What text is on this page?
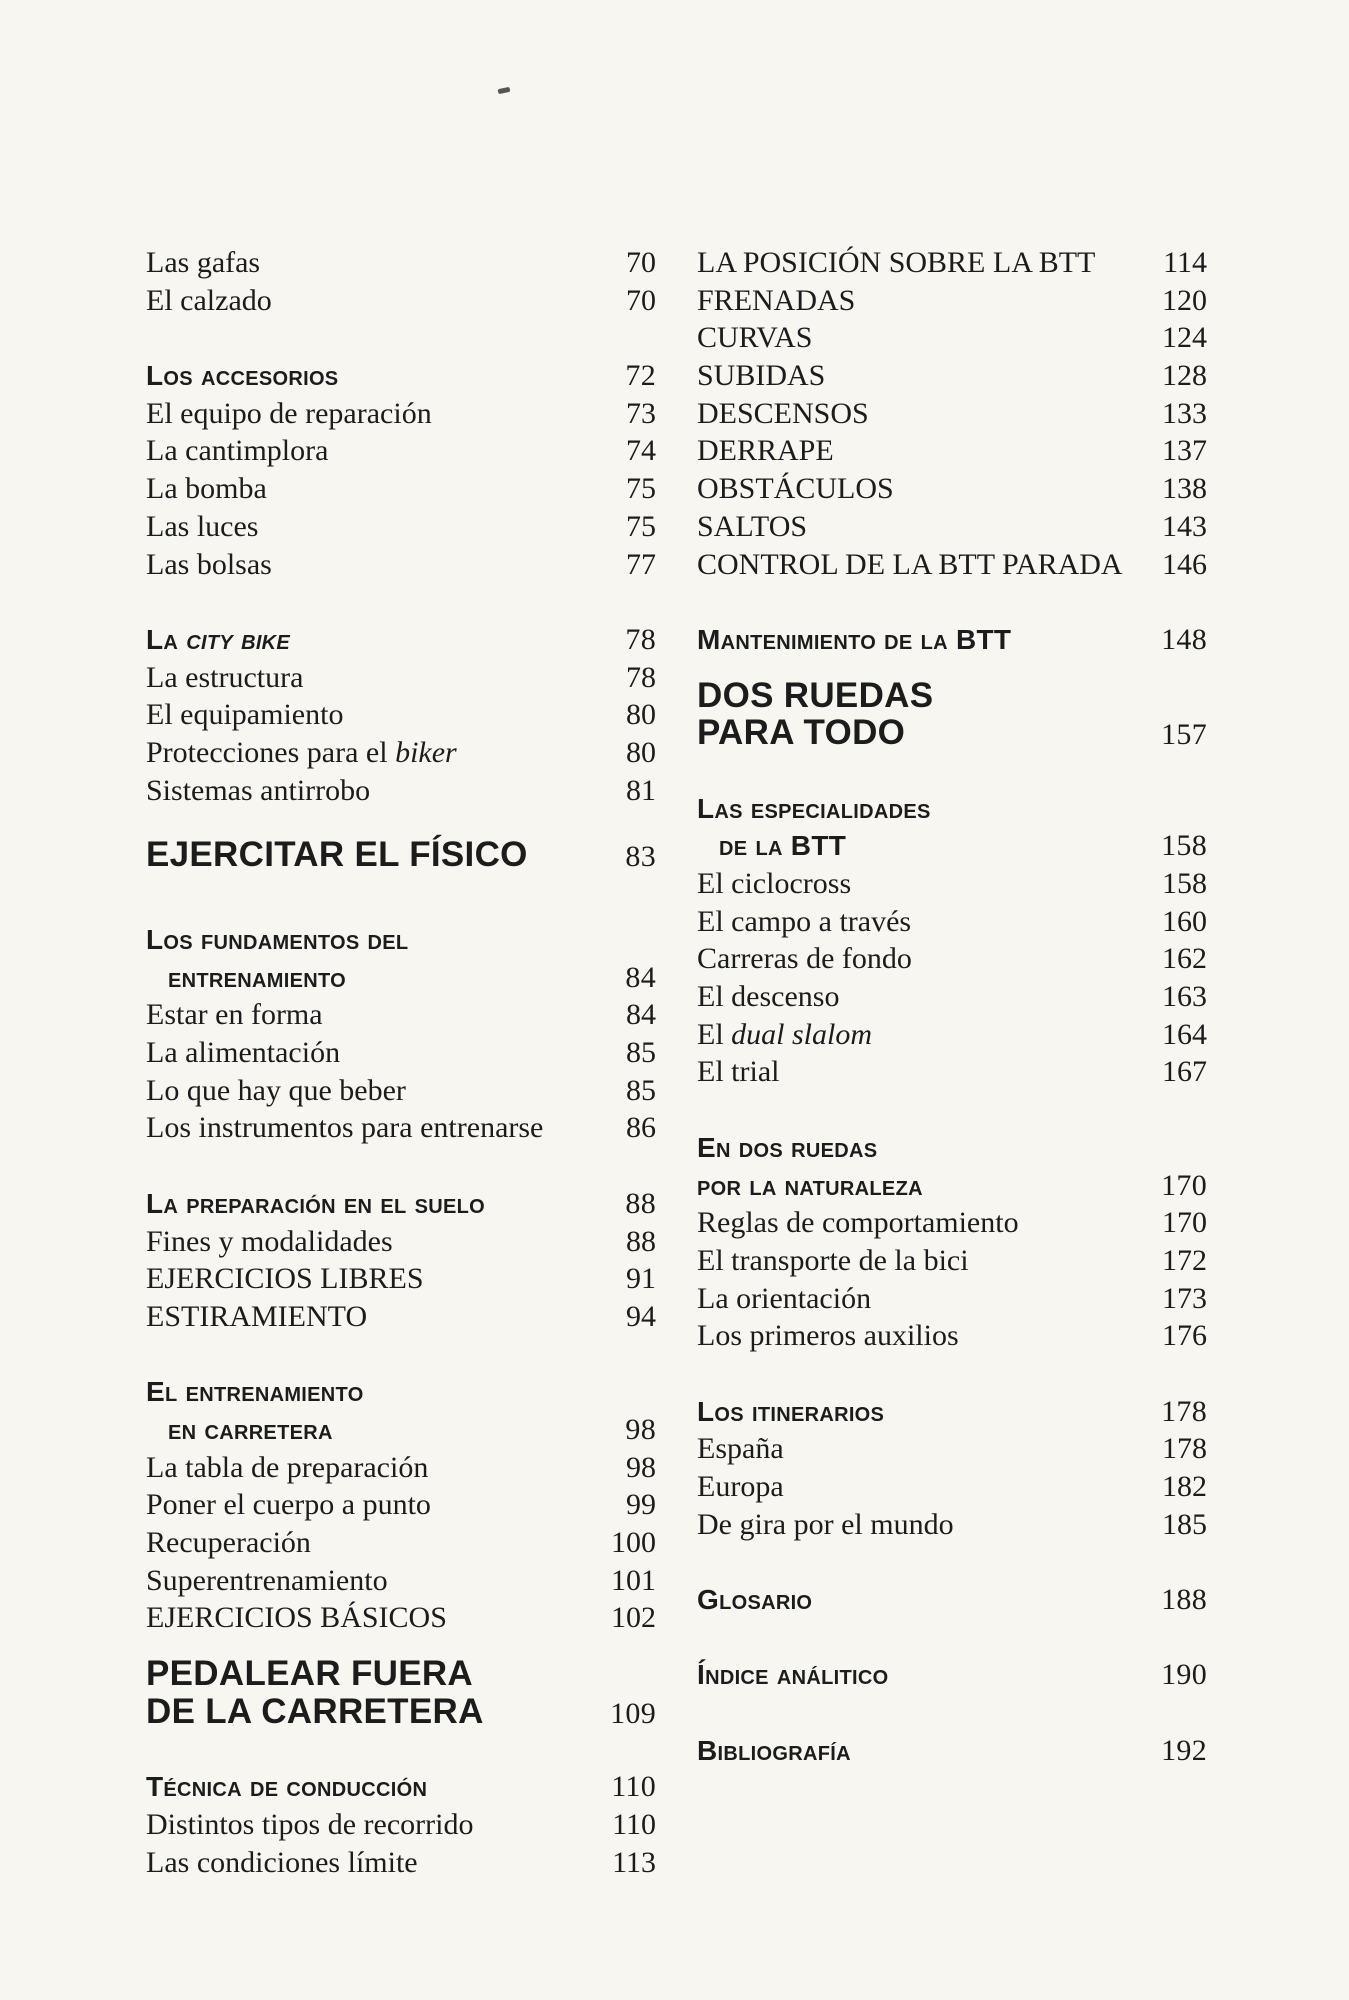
Las gafas	70
El calzado	70
Los accesorios	72
El equipo de reparación	73
La cantimplora	74
La bomba	75
Las luces	75
Las bolsas	77
La city bike	78
La estructura	78
El equipamiento	80
Protecciones para el biker	80
Sistemas antirrobo	81
EJERCITAR EL FÍSICO	83
Los fundamentos del
entrenamiento	84
Estar en forma	84
La alimentación	85
Lo que hay que beber	85
Los instrumentos para entrenarse	86
La preparación en el suelo	88
Fines y modalidades	88
EJERCICIOS LIBRES	91
ESTIRAMIENTO	94
El entrenamiento
en carretera	98
La tabla de preparación	98
Poner el cuerpo a punto	99
Recuperación	100
Superentrenamiento	101
EJERCICIOS BÁSICOS	102
PEDALEAR FUERA
DE LA CARRETERA	109
Técnica de conducción	110
Distintos tipos de recorrido	110
Las condiciones límite	113
LA POSICIÓN SOBRE LA BTT	114
FRENADAS	120
CURVAS	124
SUBIDAS	128
DESCENSOS	133
DERRAPE	137
OBSTÁCULOS	138
SALTOS	143
CONTROL DE LA BTT PARADA	146
Mantenimiento de la BTT	148
DOS RUEDAS
PARA TODO	157
Las especialidades
de la BTT	158
El ciclocross	158
El campo a través	160
Carreras de fondo	162
El descenso	163
El dual slalom	164
El trial	167
En dos ruedas
por la naturaleza	170
Reglas de comportamiento	170
El transporte de la bici	172
La orientación	173
Los primeros auxilios	176
Los itinerarios	178
España	178
Europa	182
De gira por el mundo	185
Glosario	188
Índice análitico	190
Bibliografía	192
